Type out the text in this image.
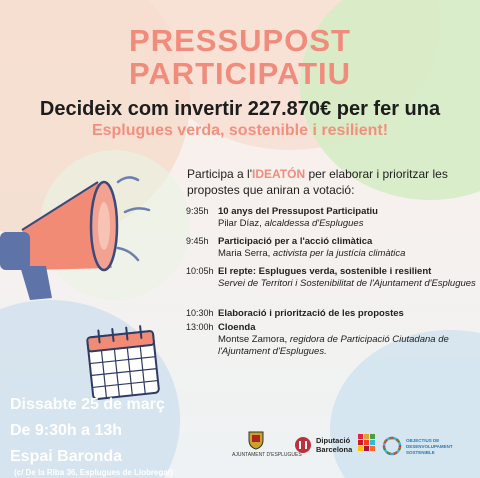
PRESSUPOST
PARTICIPATIU
Decideix com invertir 227.870€ per fer una
Esplugues verda, sostenible i resilient!
Participa a l'IDEATÓN per elaborar i prioritzar les propostes que aniran a votació:
9:35h 10 anys del Pressupost Participatiu
Pilar Díaz, alcaldessa d'Esplugues
9:45h Participació per a l'acció climàtica
Maria Serra, activista per la justícia climàtica
10:05h El repte: Esplugues verda, sostenible i resilient
Servei de Territori i Sostenibilitat de l'Ajuntament d'Esplugues
10:30h Elaboració i priorització de les propostes
13:00h Cloenda
Montse Zamora, regidora de Participació Ciutadana de l'Ajuntament d'Esplugues.
Dissabte 25 de març
De 9:30h a 13h
Espai Baronda
(c/ De la Riba 36, Esplugues de Llobregat)
AJUNTAMENT D'ESPLUGUES
Diputació
Barcelona
OBJECTIUS DE DESENVOLUPAMENT SOSTENIBLE
